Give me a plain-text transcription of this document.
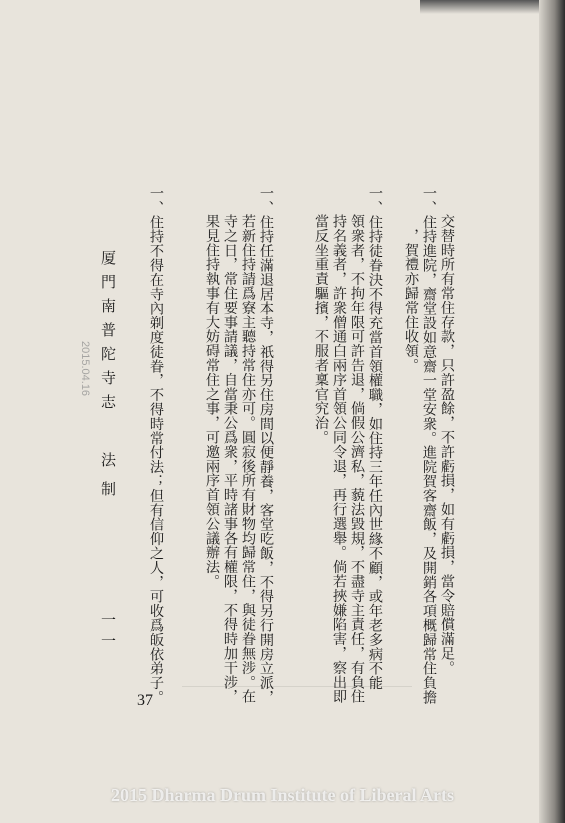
交替時所有常住存款，只許盈餘，不許虧損，如有虧損，當令賠償滿足。
一、住持進院，齋堂設如意齋一堂安衆。進院賀客齋飯，及開銷各項概歸常住負擔
　，賀禮亦歸常住收領。
一、住持徒眷決不得充當首領權職，如住持三年任內世緣不顧，或年老多病不能
領衆者，不拘年限可許告退，倘假公濟私，藐法毀規，不盡寺主責任，有負住
持名義者，許衆僧通白兩序首領公同令退，再行選舉。倘若挾嫌陷害，察出即
當反坐重責驅擯，不服者稟官究治。
一、住持任滿退居本寺，祇得另住房間以便靜養，客堂吃飯，不得另行開房立派，
若新住持請爲寮主聽持常住亦可。圓寂後所有財物均歸常住，與徒眷無涉。在
寺之日，常住要事請議，自當秉公爲衆，平時諸事各有權限，不得時加干涉，
果見住持執事有大妨碍常住之事，可邀兩序首領公議辦法。
一、住持不得在寺內剃度徒眷，不得時常付法；但有信仰之人，可收爲皈依弟子。
厦門南普陀寺志
法制
一一
2015.04.16
37
2015 Dharma Drum Institute of Liberal Arts
